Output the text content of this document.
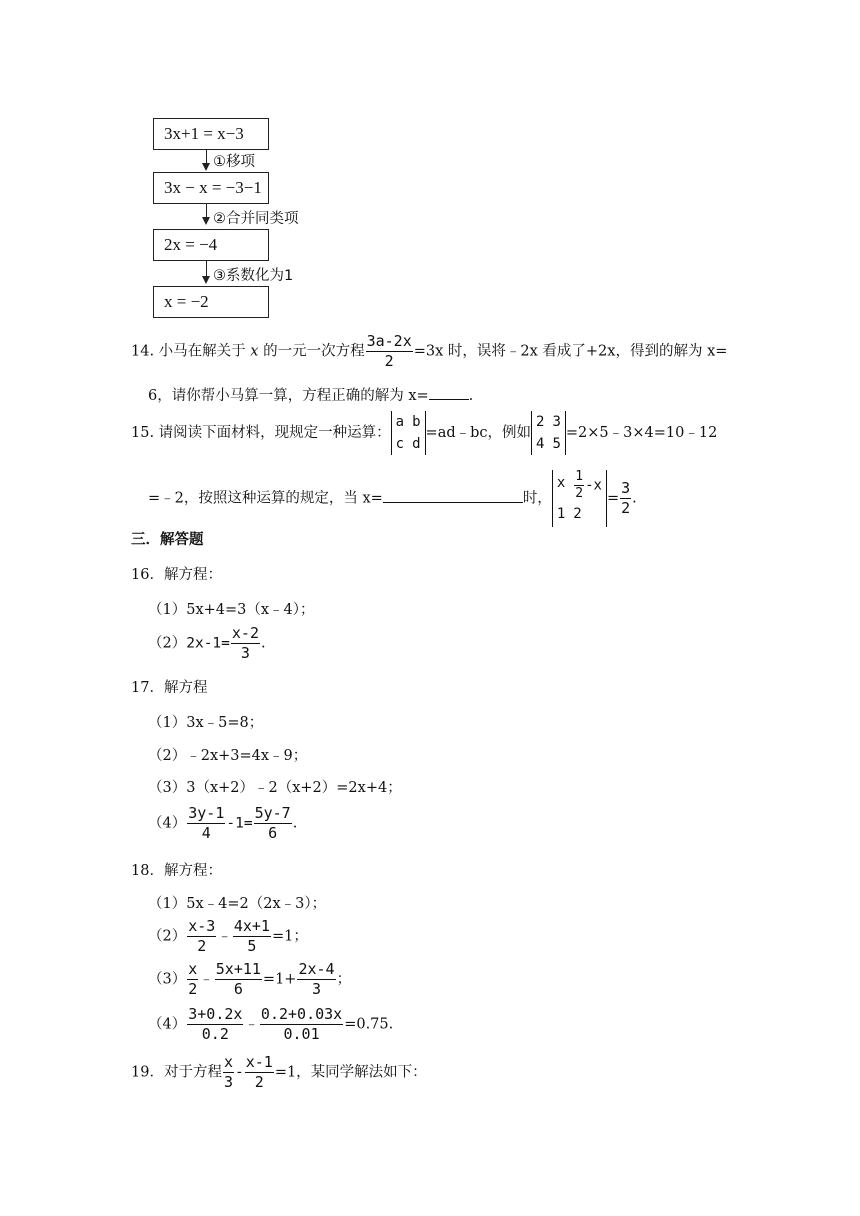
3x+1 = x−3
①移项
3x − x = −3−1
②合并同类项
2x = −4
③系数化为1
x = −2
14. 小马在解关于 x 的一元一次方程 $\frac{3a-2x}{2} =3x$ 时，误将﹣2x 看成了+2x，得到的解为 x=
6，请你帮小马算一算，方程正确的解为 x=	.
15. 请阅读下面材料，现规定一种运算：
a b
c d
=ad﹣bc，例如
2 3
4 5
=2×5﹣3×4=10﹣12
=﹣2，按照这种运算的规定，当 x=	时，
x $\frac{1}{2} -x$
1 2
= $\frac{3}{2}$ .
三．解答题
16．解方程：
（1）5x+4=3（x﹣4）；
$(2)2x-1= \frac{x-2}{3}$ .
17．解方程
（1）3x﹣5=8；
（2）﹣2x+3=4x﹣9；
（3）3（x+2）﹣2（x+2）=2x+4；
$(4) \frac{3y-1}{4} -1= \frac{5y-7}{6}$ .
18．解方程：
（1）5x﹣4=2（2x﹣3）；
$(2) \frac{x-3}{2}$ ﹣ $\frac{4x+1}{5} =1$；
$(3) \frac{x}{2}$ ﹣ $\frac{5x+11}{6} =1+ \frac{2x-4}{3}$ ；
$(4) \frac{3+0.2x}{0.2}$ ﹣ $\frac{0.2+0.03x}{0.01} =0.75$.
19．对于方程 $\frac{x}{3} - \frac{x-1}{2} =1$，某同学解法如下：
